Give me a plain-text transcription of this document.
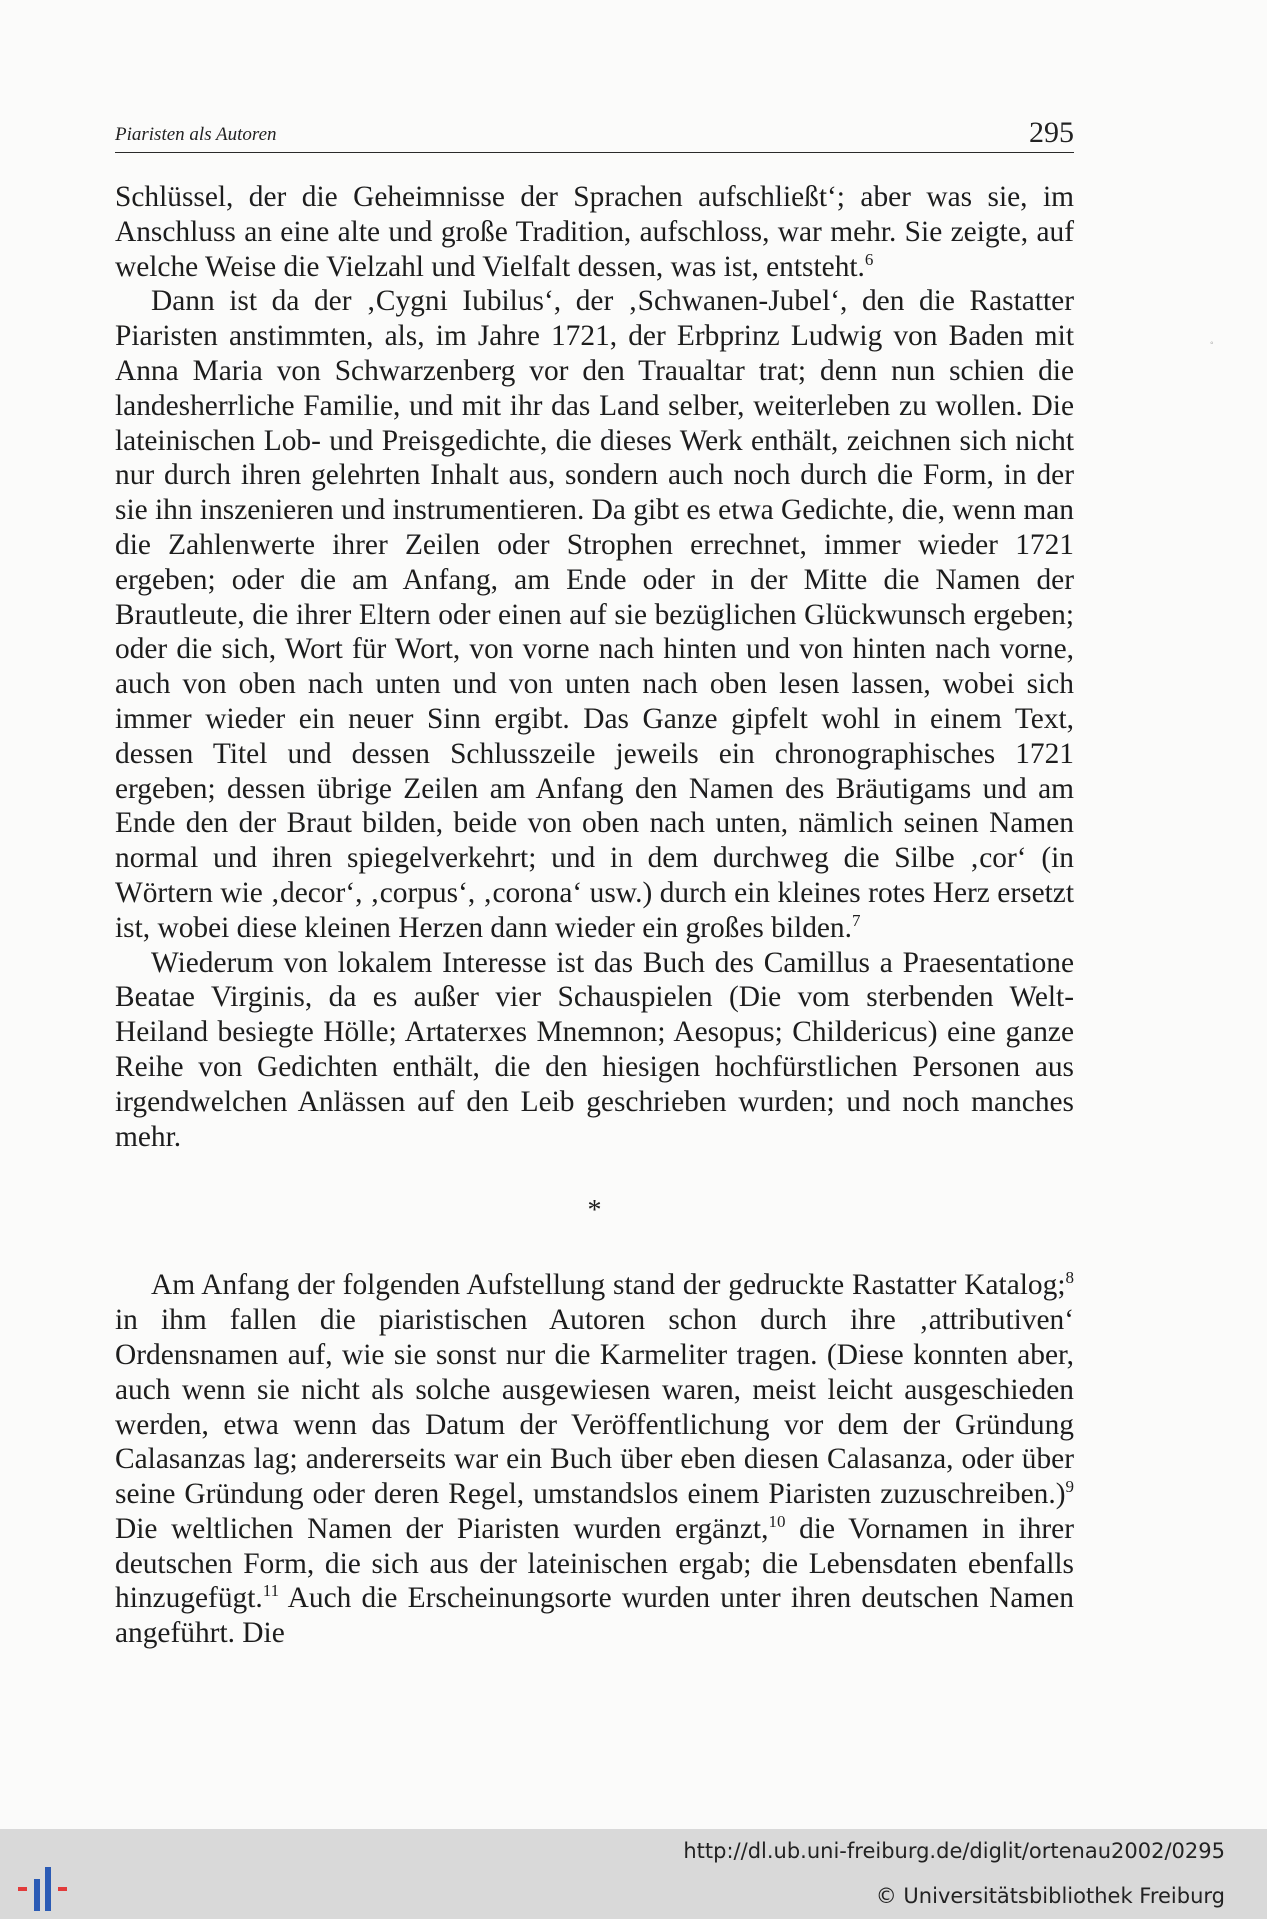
Piaristen als Autoren	295
◦

Schlüssel, der die Geheimnisse der Sprachen aufschließt‘; aber was sie, im Anschluss an eine alte und große Tradition, aufschloss, war mehr. Sie zeigte, auf welche Weise die Vielzahl und Vielfalt dessen, was ist, entsteht.$^6$

Dann ist da der ‚Cygni Iubilus‘, der ‚Schwanen-Jubel‘, den die Rastatter Piaristen anstimmten, als, im Jahre 1721, der Erbprinz Ludwig von Baden mit Anna Maria von Schwarzenberg vor den Traualtar trat; denn nun schien die landesherrliche Familie, und mit ihr das Land selber, weiterleben zu wollen. Die lateinischen Lob- und Preisgedichte, die dieses Werk enthält, zeichnen sich nicht nur durch ihren gelehrten Inhalt aus, sondern auch noch durch die Form, in der sie ihn inszenieren und instrumentieren. Da gibt es etwa Gedichte, die, wenn man die Zahlenwerte ihrer Zeilen oder Strophen errechnet, immer wieder 1721 ergeben; oder die am Anfang, am Ende oder in der Mitte die Namen der Brautleute, die ihrer Eltern oder einen auf sie bezüglichen Glückwunsch ergeben; oder die sich, Wort für Wort, von vorne nach hinten und von hinten nach vorne, auch von oben nach unten und von unten nach oben lesen lassen, wobei sich immer wieder ein neuer Sinn ergibt. Das Ganze gipfelt wohl in einem Text, dessen Titel und dessen Schlusszeile jeweils ein chronographisches 1721 ergeben; dessen übrige Zeilen am Anfang den Namen des Bräutigams und am Ende den der Braut bilden, beide von oben nach unten, nämlich seinen Namen normal und ihren spiegelverkehrt; und in dem durchweg die Silbe ‚cor‘ (in Wörtern wie ‚decor‘, ‚corpus‘, ‚corona‘ usw.) durch ein kleines rotes Herz ersetzt ist, wobei diese kleinen Herzen dann wieder ein großes bilden.$^7$

Wiederum von lokalem Interesse ist das Buch des Camillus a Praesentatione Beatae Virginis, da es außer vier Schauspielen (Die vom sterbenden Welt-Heiland besiegte Hölle; Artaterxes Mnemnon; Aesopus; Childericus) eine ganze Reihe von Gedichten enthält, die den hiesigen hochfürstlichen Personen aus irgendwelchen Anlässen auf den Leib geschrieben wurden; und noch manches mehr.

*

Am Anfang der folgenden Aufstellung stand der gedruckte Rastatter Katalog;$^8$ in ihm fallen die piaristischen Autoren schon durch ihre ‚attributiven‘ Ordensnamen auf, wie sie sonst nur die Karmeliter tragen. (Diese konnten aber, auch wenn sie nicht als solche ausgewiesen waren, meist leicht ausgeschieden werden, etwa wenn das Datum der Veröffentlichung vor dem der Gründung Calasanzas lag; andererseits war ein Buch über eben diesen Calasanza, oder über seine Gründung oder deren Regel, umstandslos einem Piaristen zuzuschreiben.)$^9$ Die weltlichen Namen der Piaristen wurden ergänzt,$^{10}$ die Vornamen in ihrer deutschen Form, die sich aus der lateinischen ergab; die Lebensdaten ebenfalls hinzugefügt.$^{11}$ Auch die Erscheinungsorte wurden unter ihren deutschen Namen angeführt. Die

http://dl.ub.uni-freiburg.de/diglit/ortenau2002/0295
© Universitätsbibliothek Freiburg
